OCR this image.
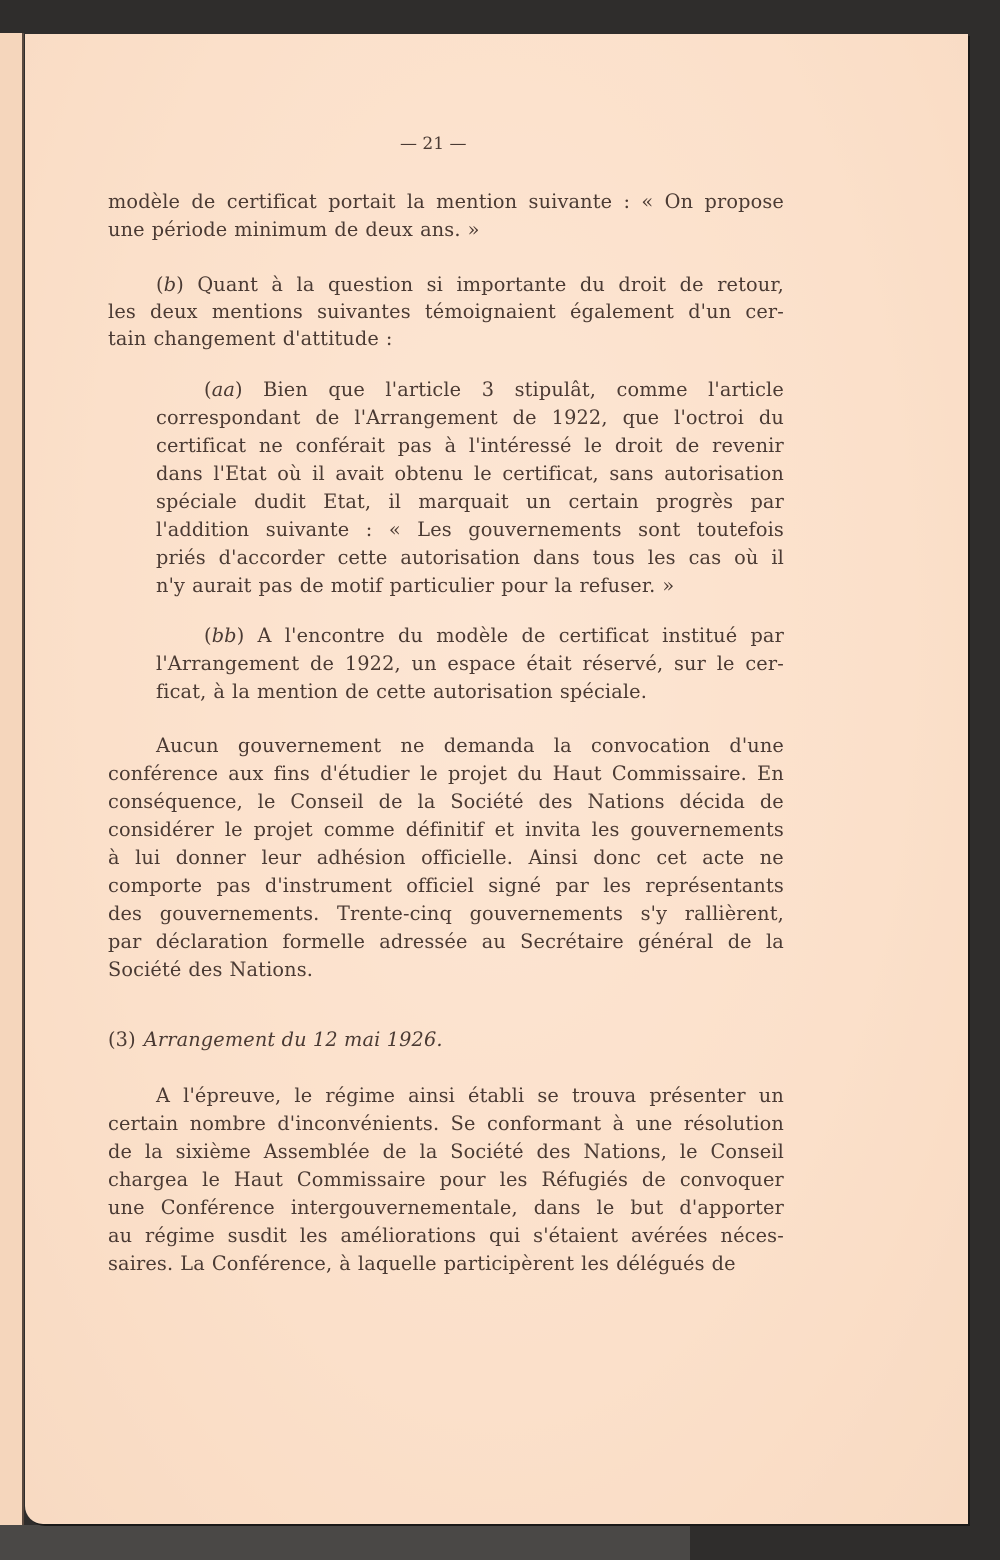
— 21 —
modèle de certificat portait la mention suivante : « On propose
une période minimum de deux ans. »
(b) Quant à la question si importante du droit de retour,
les deux mentions suivantes témoignaient également d'un cer-
tain changement d'attitude :
(aa) Bien que l'article 3 stipulât, comme l'article
correspondant de l'Arrangement de 1922, que l'octroi du
certificat ne conférait pas à l'intéressé le droit de revenir
dans l'Etat où il avait obtenu le certificat, sans autorisation
spéciale dudit Etat, il marquait un certain progrès par
l'addition suivante : « Les gouvernements sont toutefois
priés d'accorder cette autorisation dans tous les cas où il
n'y aurait pas de motif particulier pour la refuser. »
(bb) A l'encontre du modèle de certificat institué par
l'Arrangement de 1922, un espace était réservé, sur le cer-
ficat, à la mention de cette autorisation spéciale.
Aucun gouvernement ne demanda la convocation d'une
conférence aux fins d'étudier le projet du Haut Commissaire. En
conséquence, le Conseil de la Société des Nations décida de
considérer le projet comme définitif et invita les gouvernements
à lui donner leur adhésion officielle. Ainsi donc cet acte ne
comporte pas d'instrument officiel signé par les représentants
des gouvernements. Trente-cinq gouvernements s'y rallièrent,
par déclaration formelle adressée au Secrétaire général de la
Société des Nations.
(3) Arrangement du 12 mai 1926.
A l'épreuve, le régime ainsi établi se trouva présenter un
certain nombre d'inconvénients. Se conformant à une résolution
de la sixième Assemblée de la Société des Nations, le Conseil
chargea le Haut Commissaire pour les Réfugiés de convoquer
une Conférence intergouvernementale, dans le but d'apporter
au régime susdit les améliorations qui s'étaient avérées néces-
saires. La Conférence, à laquelle participèrent les délégués de
